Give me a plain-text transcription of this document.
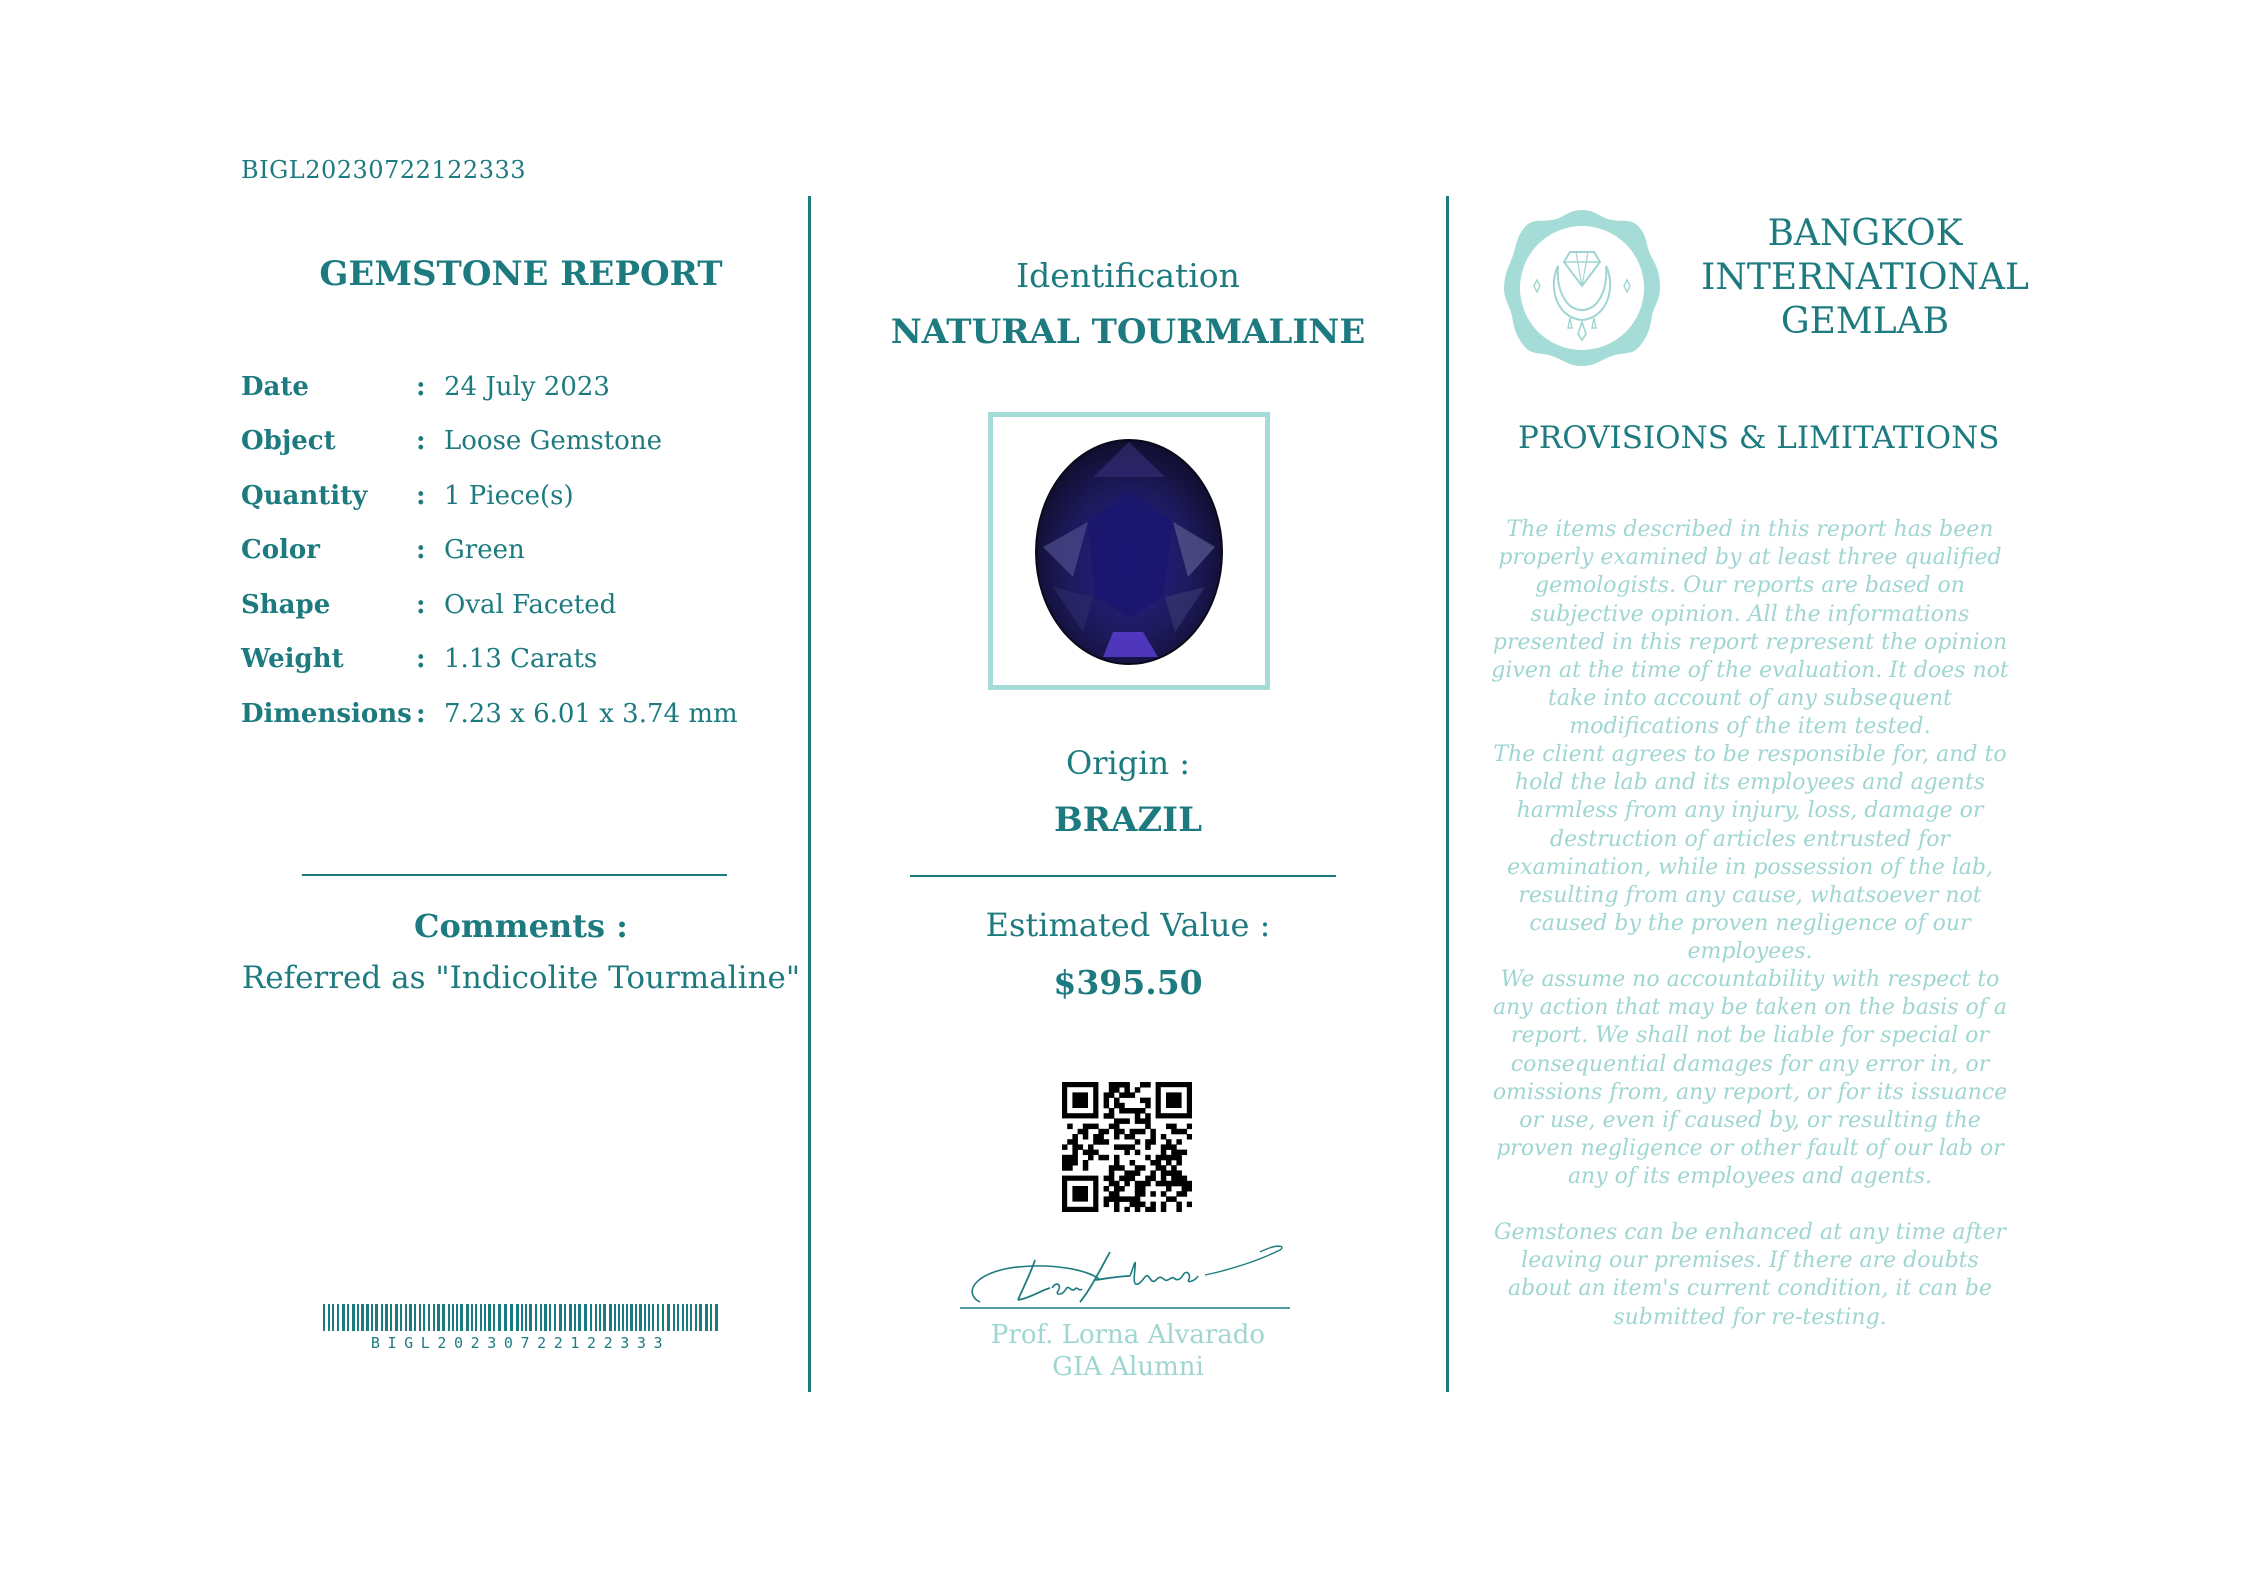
BIGL20230722122333
GEMSTONE REPORT
Date	: 24 July 2023
Object	: Loose Gemstone
Quantity	: 1 Piece(s)
Color	: Green
Shape	: Oval Faceted
Weight	: 1.13 Carats
Dimensions : 7.23 x 6.01 x 3.74 mm
Comments :
Referred as "Indicolite Tourmaline"
BIGL20230722122333
Identification
NATURAL TOURMALINE
Origin :
BRAZIL
Estimated Value :
$395.50
Prof. Lorna Alvarado
GIA Alumni
BANGKOK
INTERNATIONAL
GEMLAB
PROVISIONS & LIMITATIONS
The items described in this report has been properly examined by at least three qualified gemologists. Our reports are based on subjective opinion. All the informations presented in this report represent the opinion given at the time of the evaluation. It does not take into account of any subsequent modifications of the item tested.
The client agrees to be responsible for, and to hold the lab and its employees and agents harmless from any injury, loss, damage or destruction of articles entrusted for examination, while in possession of the lab, resulting from any cause, whatsoever not caused by the proven negligence of our employees.
We assume no accountability with respect to any action that may be taken on the basis of a report. We shall not be liable for special or consequential damages for any error in, or omissions from, any report, or for its issuance or use, even if caused by, or resulting the proven negligence or other fault of our lab or any of its employees and agents.
Gemstones can be enhanced at any time after leaving our premises. If there are doubts about an item's current condition, it can be submitted for re-testing.
